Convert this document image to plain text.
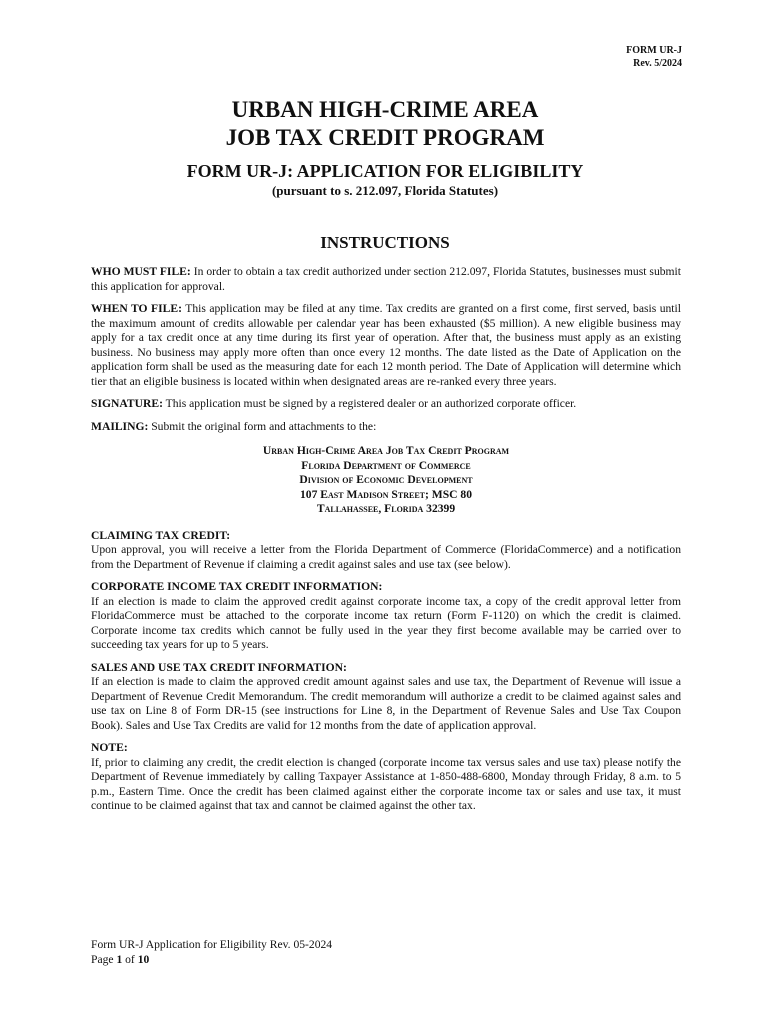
FORM UR-J
Rev. 5/2024
URBAN HIGH-CRIME AREA
JOB TAX CREDIT PROGRAM
FORM UR-J: APPLICATION FOR ELIGIBILITY
(pursuant to s. 212.097, Florida Statutes)
INSTRUCTIONS

WHO MUST FILE: In order to obtain a tax credit authorized under section 212.097, Florida Statutes, businesses must submit this application for approval.

WHEN TO FILE: This application may be filed at any time. Tax credits are granted on a first come, first served, basis until the maximum amount of credits allowable per calendar year has been exhausted ($5 million). A new eligible business may apply for a tax credit once at any time during its first year of operation. After that, the business must apply as an existing business. No business may apply more often than once every 12 months. The date listed as the Date of Application on the application form shall be used as the measuring date for each 12 month period. The Date of Application will determine which tier that an eligible business is located within when designated areas are re-ranked every three years.

SIGNATURE: This application must be signed by a registered dealer or an authorized corporate officer.

MAILING: Submit the original form and attachments to the:

Urban High-Crime Area Job Tax Credit Program
Florida Department of Commerce
Division of Economic Development
107 East Madison Street; MSC 80
Tallahassee, Florida 32399

CLAIMING TAX CREDIT:
Upon approval, you will receive a letter from the Florida Department of Commerce (FloridaCommerce) and a notification from the Department of Revenue if claiming a credit against sales and use tax (see below).

CORPORATE INCOME TAX CREDIT INFORMATION:
If an election is made to claim the approved credit against corporate income tax, a copy of the credit approval letter from FloridaCommerce must be attached to the corporate income tax return (Form F-1120) on which the credit is claimed. Corporate income tax credits which cannot be fully used in the year they first become available may be carried over to succeeding tax years for up to 5 years.

SALES AND USE TAX CREDIT INFORMATION:
If an election is made to claim the approved credit amount against sales and use tax, the Department of Revenue will issue a Department of Revenue Credit Memorandum. The credit memorandum will authorize a credit to be claimed against sales and use tax on Line 8 of Form DR-15 (see instructions for Line 8, in the Department of Revenue Sales and Use Tax Coupon Book). Sales and Use Tax Credits are valid for 12 months from the date of application approval.

NOTE:
If, prior to claiming any credit, the credit election is changed (corporate income tax versus sales and use tax) please notify the Department of Revenue immediately by calling Taxpayer Assistance at 1-850-488-6800, Monday through Friday, 8 a.m. to 5 p.m., Eastern Time. Once the credit has been claimed against either the corporate income tax or sales and use tax, it must continue to be claimed against that tax and cannot be claimed against the other tax.

Form UR-J Application for Eligibility Rev. 05-2024
Page 1 of 10
